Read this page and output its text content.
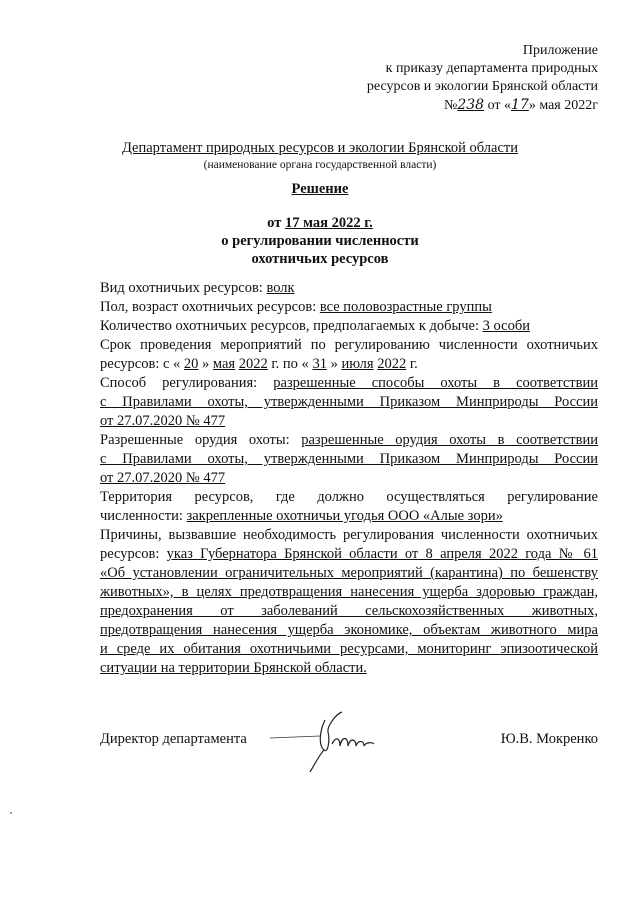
Приложение
к приказу департамента природных
ресурсов и экологии Брянской области
№238 от «17» мая 2022г
Департамент природных ресурсов и экологии Брянской области
(наименование органа государственной власти)
Решение
от 17 мая 2022 г.
о регулировании численности
охотничьих ресурсов

Вид охотничьих ресурсов: волк

Пол, возраст охотничьих ресурсов: все половозрастные группы

Количество охотничьих ресурсов, предполагаемых к добыче: 3 особи

Срок проведения мероприятий по регулированию численности охотничьих

ресурсов: с « 20 » мая 2022 г. по « 31 » июля 2022 г.

Способ регулирования: разрешенные способы охоты в соответствии

с Правилами охоты, утвержденными Приказом Минприроды России

от 27.07.2020 № 477

Разрешенные орудия охоты: разрешенные орудия охоты в соответствии

с Правилами охоты, утвержденными Приказом Минприроды России

от 27.07.2020 № 477

Территория ресурсов, где должно осуществляться регулирование

численности: закрепленные охотничьи угодья ООО «Алые зори»

Причины, вызвавшие необходимость регулирования численности охотничьих

ресурсов: указ Губернатора Брянской области от 8 апреля 2022 года № 61

«Об установлении ограничительных мероприятий (карантина) по бешенству

животных», в целях предотвращения нанесения ущерба здоровью граждан,

предохранения от заболеваний сельскохозяйственных животных,

предотвращения нанесения ущерба экономике, объектам животного мира

и среде их обитания охотничьими ресурсами, мониторинг эпизоотической

ситуации на территории Брянской области.

Директор департамента	Ю.В. Мокренко
